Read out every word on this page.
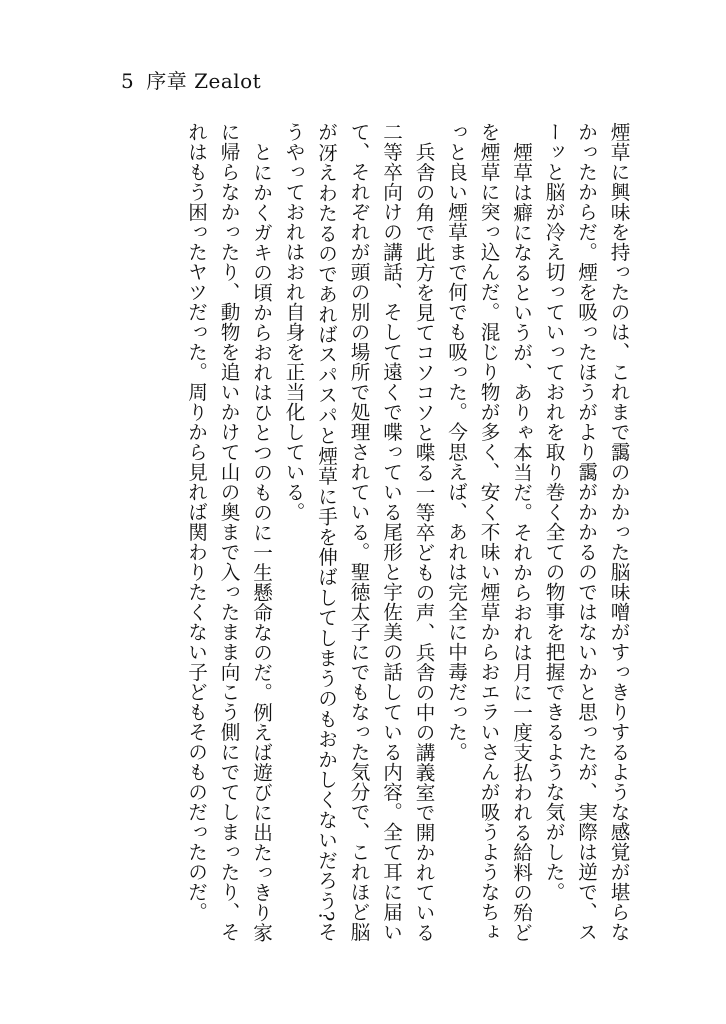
5 序章 Zealot

煙草に興味を持ったのは、これまで靄のかかった脳味噌がすっきりするような感覚が堪らなかったからだ。煙を吸ったほうがより靄がかかるのではないかと思ったが、実際は逆で、スーッと脳が冷え切っていっておれを取り巻く全ての物事を把握できるような気がした。

煙草は癖になるというが、ありゃ本当だ。それからおれは月に一度支払われる給料の殆どを煙草に突っ込んだ。混じり物が多く、安く不味い煙草からおエラいさんが吸うようなちょっと良い煙草まで何でも吸った。今思えば、あれは完全に中毒だった。

兵舎の角で此方を見てコソコソと喋る一等卒どもの声、兵舎の中の講義室で開かれている二等卒向けの講話、そして遠くで喋っている尾形と宇佐美の話している内容。全て耳に届いて、それぞれが頭の別の場所で処理されている。聖徳太子にでもなった気分で、これほど脳が冴えわたるのであればスパスパと煙草に手を伸ばしてしまうのもおかしくないだろう?そうやっておれはおれ自身を正当化している。

とにかくガキの頃からおれはひとつのものに一生懸命なのだ。例えば遊びに出たっきり家に帰らなかったり、動物を追いかけて山の奥まで入ったまま向こう側にでてしまったり、それはもう困ったヤツだった。周りから見れば関わりたくない子どもそのものだったのだ。
